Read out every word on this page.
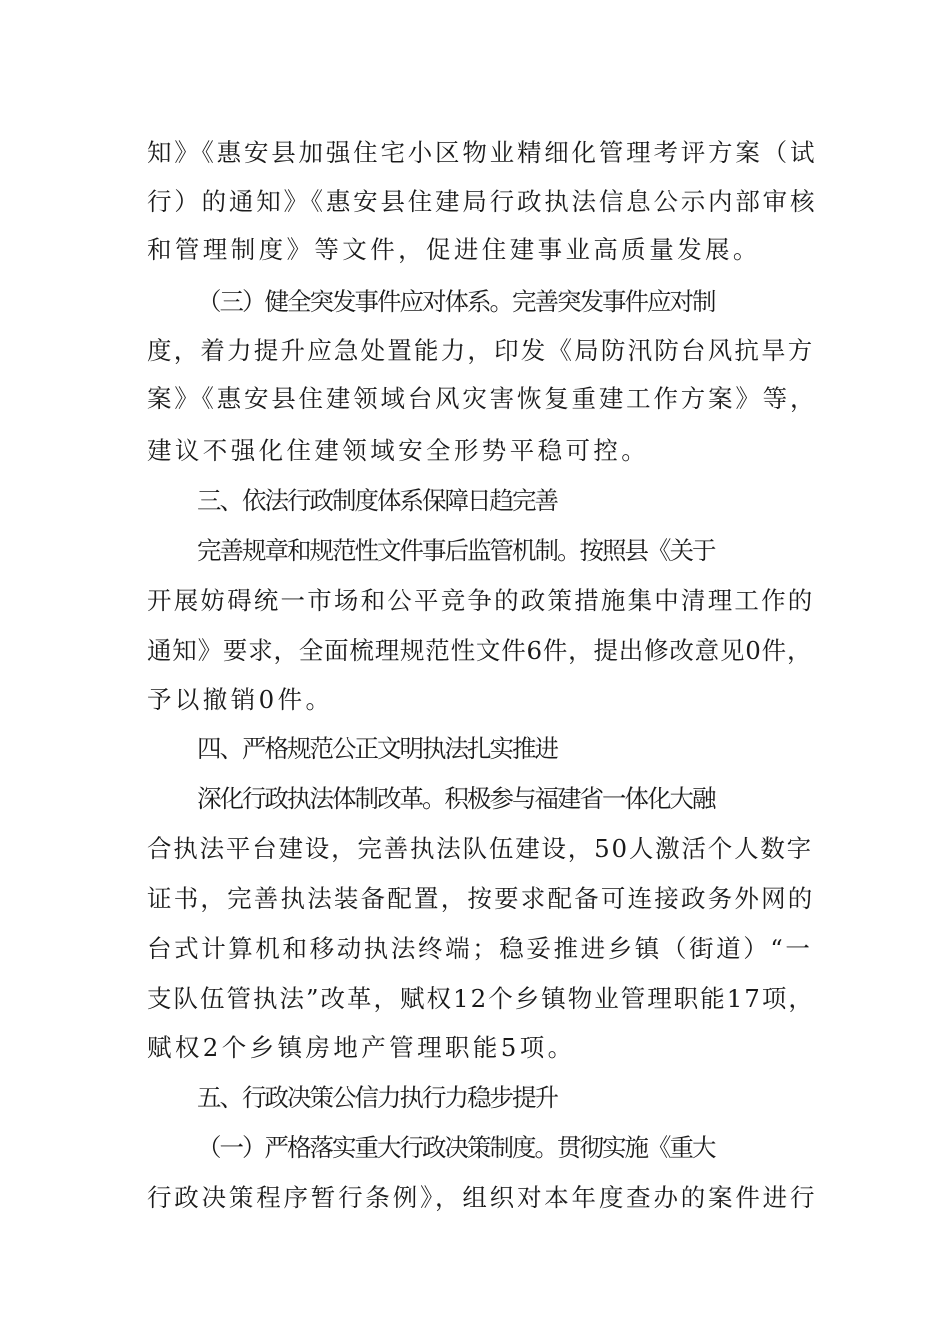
知》《惠安县加强住宅小区物业精细化管理考评方案（试

行）的通知》《惠安县住建局行政执法信息公示内部审核

和管理制度》等文件，促进住建事业高质量发展。

（三）健全突发事件应对体系。完善突发事件应对制

度，着力提升应急处置能力，印发《局防汛防台风抗旱方

案》《惠安县住建领域台风灾害恢复重建工作方案》等，

建议不强化住建领域安全形势平稳可控。

三、依法行政制度体系保障日趋完善

完善规章和规范性文件事后监管机制。按照县《关于

开展妨碍统一市场和公平竞争的政策措施集中清理工作的

通知》要求，全面梳理规范性文件6件，提出修改意见0件，

予以撤销0件。

四、严格规范公正文明执法扎实推进

深化行政执法体制改革。积极参与福建省一体化大融

合执法平台建设，完善执法队伍建设，50人激活个人数字

证书，完善执法装备配置，按要求配备可连接政务外网的

台式计算机和移动执法终端；稳妥推进乡镇（街道）“一

支队伍管执法”改革，赋权12个乡镇物业管理职能17项，

赋权2个乡镇房地产管理职能5项。

五、行政决策公信力执行力稳步提升

（一）严格落实重大行政决策制度。贯彻实施《重大

行政决策程序暂行条例》，组织对本年度查办的案件进行
